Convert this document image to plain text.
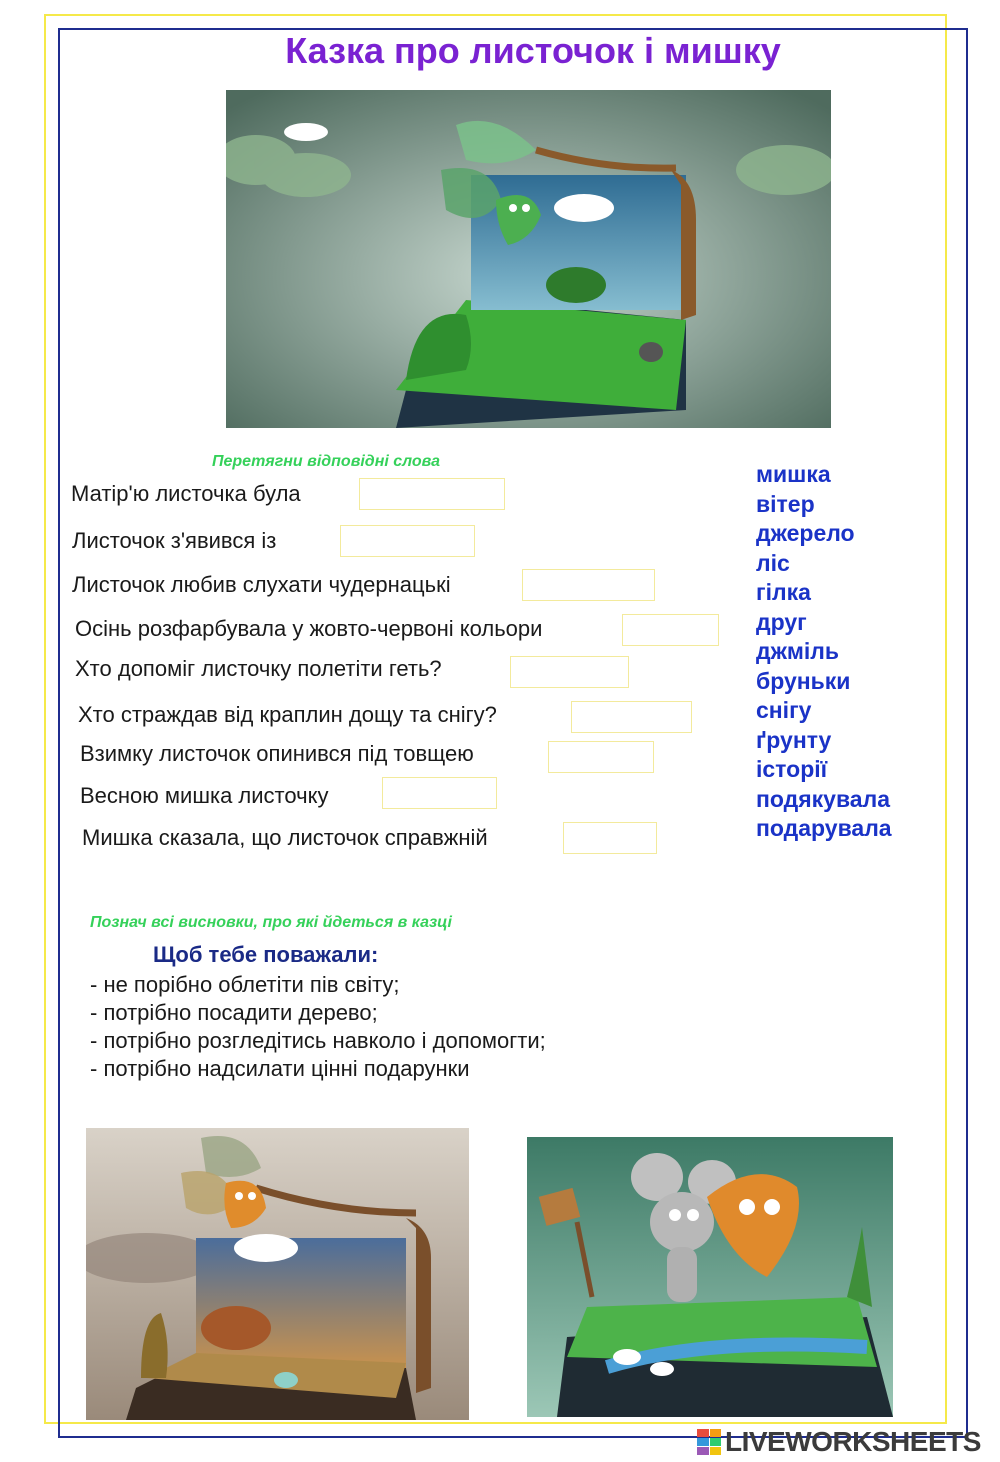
Казка про листочок і мишку
Перетягни відповідні слова
Матір'ю листочка була
Листочок з'явився із
Листочок любив слухати чудернацькі
Осінь розфарбувала у жовто-червоні кольори
Хто допоміг листочку полетіти геть?
Хто страждав від краплин дощу та снігу?
Взимку листочок опинився під товщею
Весною мишка листочку
Мишка сказала, що листочок справжній
мишка
вітер
джерело
ліс
гілка
друг
джміль
бруньки
снігу
ґрунту
історії
подякувала
подарувала
Познач всі висновки, про які йдеться в казці
Щоб тебе поважали:
- не порібно облетіти пів світу;
- потрібно посадити дерево;
- потрібно розгледітись навколо і допомогти;
- потрібно надсилати цінні подарунки
LIVEWORKSHEETS
